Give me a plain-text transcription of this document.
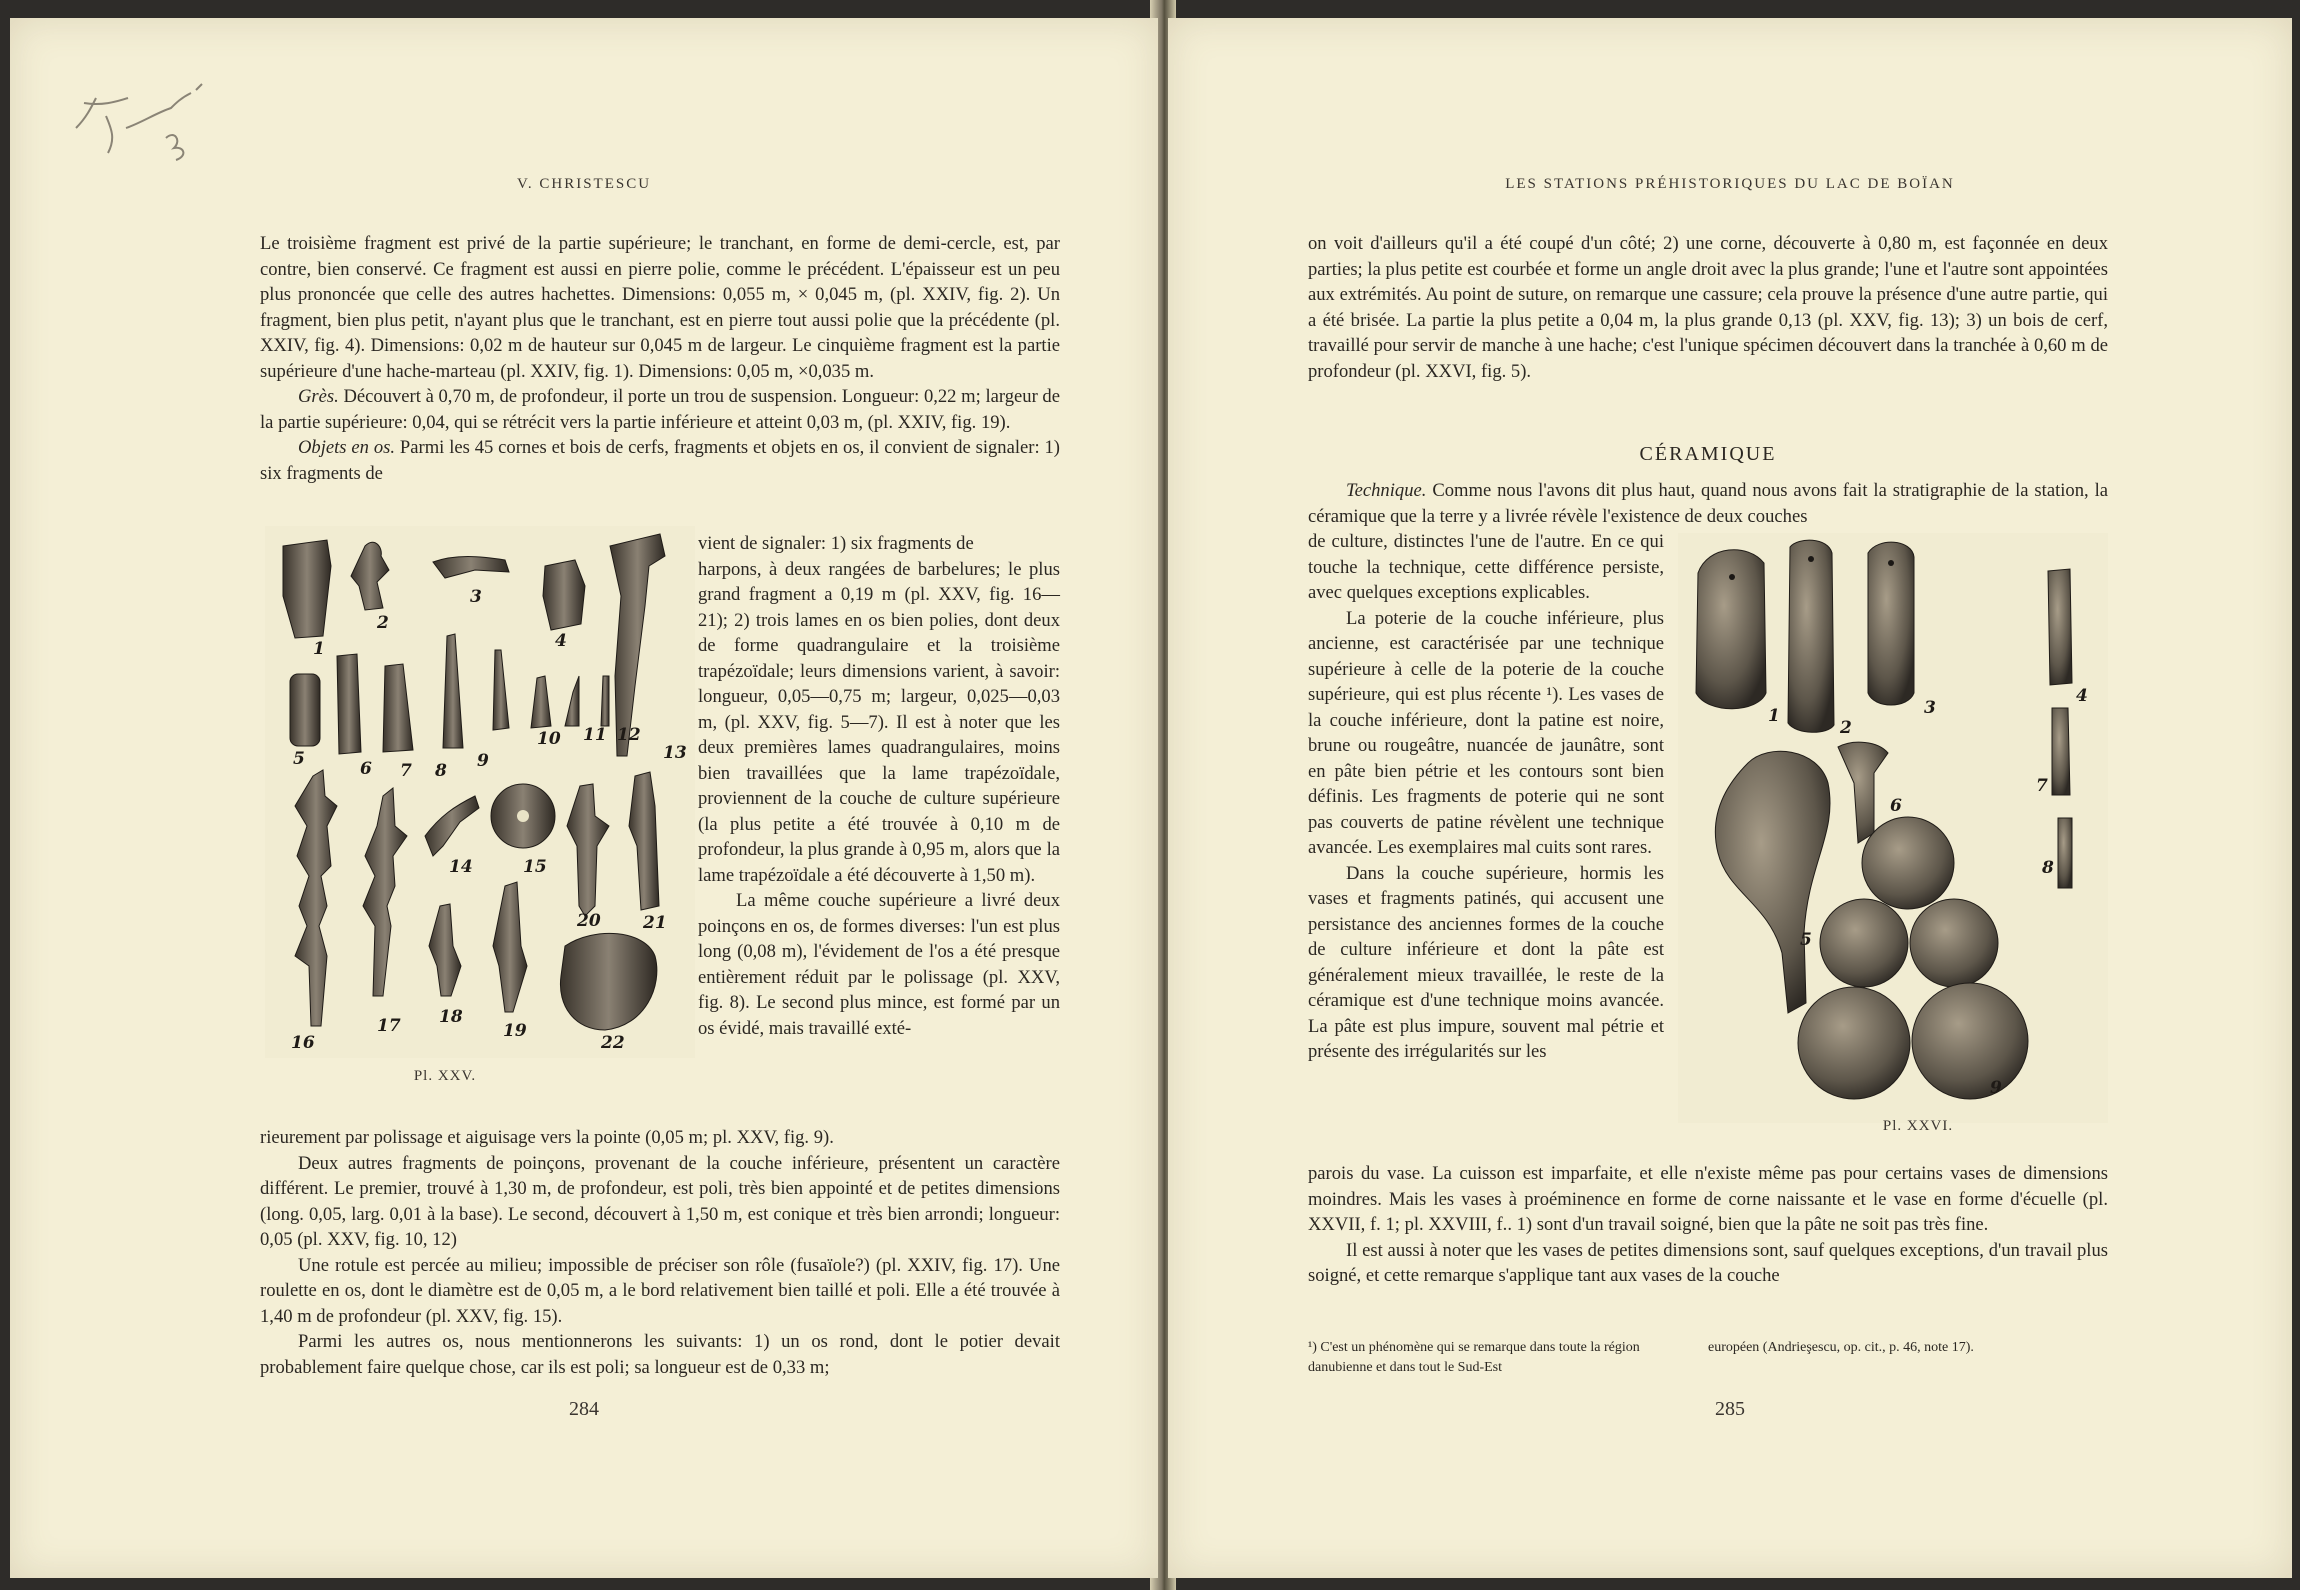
V. CHRISTESCU

Le troisième fragment est privé de la partie supérieure; le tranchant, en forme de demi-cercle, est, par contre, bien conservé. Ce fragment est aussi en pierre polie, comme le précédent. L'épaisseur est un peu plus prononcée que celle des autres hachettes. Dimensions: 0,055 m, × 0,045 m, (pl. XXIV, fig. 2). Un fragment, bien plus petit, n'ayant plus que le tranchant, est en pierre tout aussi polie que la précédente (pl. XXIV, fig. 4). Dimensions: 0,02 m de hauteur sur 0,045 m de largeur. Le cinquième fragment est la partie supérieure d'une hache-marteau (pl. XXIV, fig. 1). Dimensions: 0,05 m, ×0,035 m.

Grès. Découvert à 0,70 m, de profondeur, il porte un trou de suspension. Longueur: 0,22 m; largeur de la partie supérieure: 0,04, qui se rétrécit vers la partie inférieure et atteint 0,03 m, (pl. XXIV, fig. 19).

Objets en os. Parmi les 45 cornes et bois de cerfs, fragments et objets en os, il convient de signaler: 1) six fragments de

1
2
3
4
5	6 7 8 9
10 11 12
13
14	15
16
17 18
19
20 21
22
Pl. XXV.

vient de signaler: 1) six fragments de

harpons, à deux rangées de barbelures; le plus grand fragment a 0,19 m (pl. XXV, fig. 16—21); 2) trois lames en os bien polies, dont deux de forme quadrangulaire et la troisième trapézoïdale; leurs dimensions varient, à savoir: longueur, 0,05—0,75 m; largeur, 0,025—0,03 m, (pl. XXV, fig. 5—7). Il est à noter que les deux premières lames quadrangulaires, moins bien travaillées que la lame trapézoïdale, proviennent de la couche de culture supérieure (la plus petite a été trouvée à 0,10 m de profondeur, la plus grande à 0,95 m, alors que la lame trapézoïdale a été découverte à 1,50 m).

La même couche supérieure a livré deux poinçons en os, de formes diverses: l'un est plus long (0,08 m), l'évidement de l'os a été presque entièrement réduit par le polissage (pl. XXV, fig. 8). Le second plus mince, est formé par un os évidé, mais travaillé exté-

rieurement par polissage et aiguisage vers la pointe (0,05 m; pl. XXV, fig. 9).

Deux autres fragments de poinçons, provenant de la couche inférieure, présentent un caractère différent. Le premier, trouvé à 1,30 m, de profondeur, est poli, très bien appointé et de petites dimensions (long. 0,05, larg. 0,01 à la base). Le second, découvert à 1,50 m, est conique et très bien arrondi; longueur: 0,05 (pl. XXV, fig. 10, 12)

Une rotule est percée au milieu; impossible de préciser son rôle (fusaïole?) (pl. XXIV, fig. 17). Une roulette en os, dont le diamètre est de 0,05 m, a le bord relativement bien taillé et poli. Elle a été trouvée à 1,40 m de profondeur (pl. XXV, fig. 15).

Parmi les autres os, nous mentionnerons les suivants: 1) un os rond, dont le potier devait probablement faire quelque chose, car ils est poli; sa longueur est de 0,33 m;

284
LES STATIONS PRÉHISTORIQUES DU LAC DE BOÏAN

on voit d'ailleurs qu'il a été coupé d'un côté; 2) une corne, découverte à 0,80 m, est façonnée en deux parties; la plus petite est courbée et forme un angle droit avec la plus grande; l'une et l'autre sont appointées aux extrémités. Au point de suture, on remarque une cassure; cela prouve la présence d'une autre partie, qui a été brisée. La partie la plus petite a 0,04 m, la plus grande 0,13 (pl. XXV, fig. 13); 3) un bois de cerf, travaillé pour servir de manche à une hache; c'est l'unique spécimen découvert dans la tranchée à 0,60 m de profondeur (pl. XXVI, fig. 5).

CÉRAMIQUE

Technique. Comme nous l'avons dit plus haut, quand nous avons fait la stratigraphie de la station, la céramique que la terre y a livrée révèle l'existence de deux couches

de culture, distinctes l'une de l'autre. En ce qui touche la technique, cette différence persiste, avec quelques exceptions explicables.

La poterie de la couche inférieure, plus ancienne, est caractérisée par une technique supérieure à celle de la poterie de la couche supérieure, qui est plus récente ¹). Les vases de la couche inférieure, dont la patine est noire, brune ou rougeâtre, nuancée de jaunâtre, sont en pâte bien pétrie et les contours sont bien définis. Les fragments de poterie qui ne sont pas couverts de patine révèlent une technique avancée. Les exemplaires mal cuits sont rares.

Dans la couche supérieure, hormis les vases et fragments patinés, qui accusent une persistance des anciennes formes de la couche de culture inférieure et dont la pâte est généralement mieux travaillée, le reste de la céramique est d'une technique moins avancée. La pâte est plus impure, souvent mal pétrie et présente des irrégularités sur les

1
2
3
4
5
6
7
8
9
Pl. XXVI.

parois du vase. La cuisson est imparfaite, et elle n'existe même pas pour certains vases de dimensions moindres. Mais les vases à proéminence en forme de corne naissante et le vase en forme d'écuelle (pl. XXVII, f. 1; pl. XXVIII, f.. 1) sont d'un travail soigné, bien que la pâte ne soit pas très fine.

Il est aussi à noter que les vases de petites dimensions sont, sauf quelques exceptions, d'un travail plus soigné, et cette remarque s'applique tant aux vases de la couche

¹) C'est un phénomène qui se remarque dans toute la région danubienne et dans tout le Sud-Est
européen (Andrieşescu, op. cit., p. 46, note 17).
285
